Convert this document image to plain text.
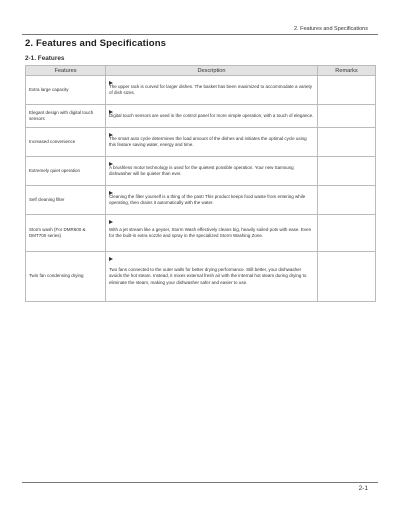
2. Features and Specifications
2. Features and Specifications
2-1. Features
Features	Description	Remarks
Extra large capacity	The upper rack is curved for larger dishes. The basket has been maximized to accommodate a variety of dish sizes.	
Elegant design with digital touch sensors	Digital touch sensors are used in the control panel for more simple operation, with a touch of elegance.	
Increased convenience	The smart auto cycle determines the load amount of the dishes and initiates the optimal cycle using this feature saving water, energy and time.	
Extremely quiet operation	A brushless motor technology is used for the quietest possible operation. Your new Samsung dishwasher will be quieter than ever.	
Self cleaning filter	Cleaning the filter yourself is a thing of the past! This product keeps food waste from entering while operating, then drains it automatically with the water.	
Storm wash (For DMR600 & DMT700 series)	With a jet stream like a geyser, Storm Wash effectively cleans big, heavily soiled pots with ease. Even for the built-in extra nozzle and spray in the specialized Storm Washing Zone.	
Twin fan condensing drying	Two fans connected to the outer walls for better drying performance. Still better, your dishwasher avoids the hot steam. Instead, it mixes external fresh air with the internal hot steam during drying to eliminate the steam, making your dishwasher safer and easier to use.	
2-1
